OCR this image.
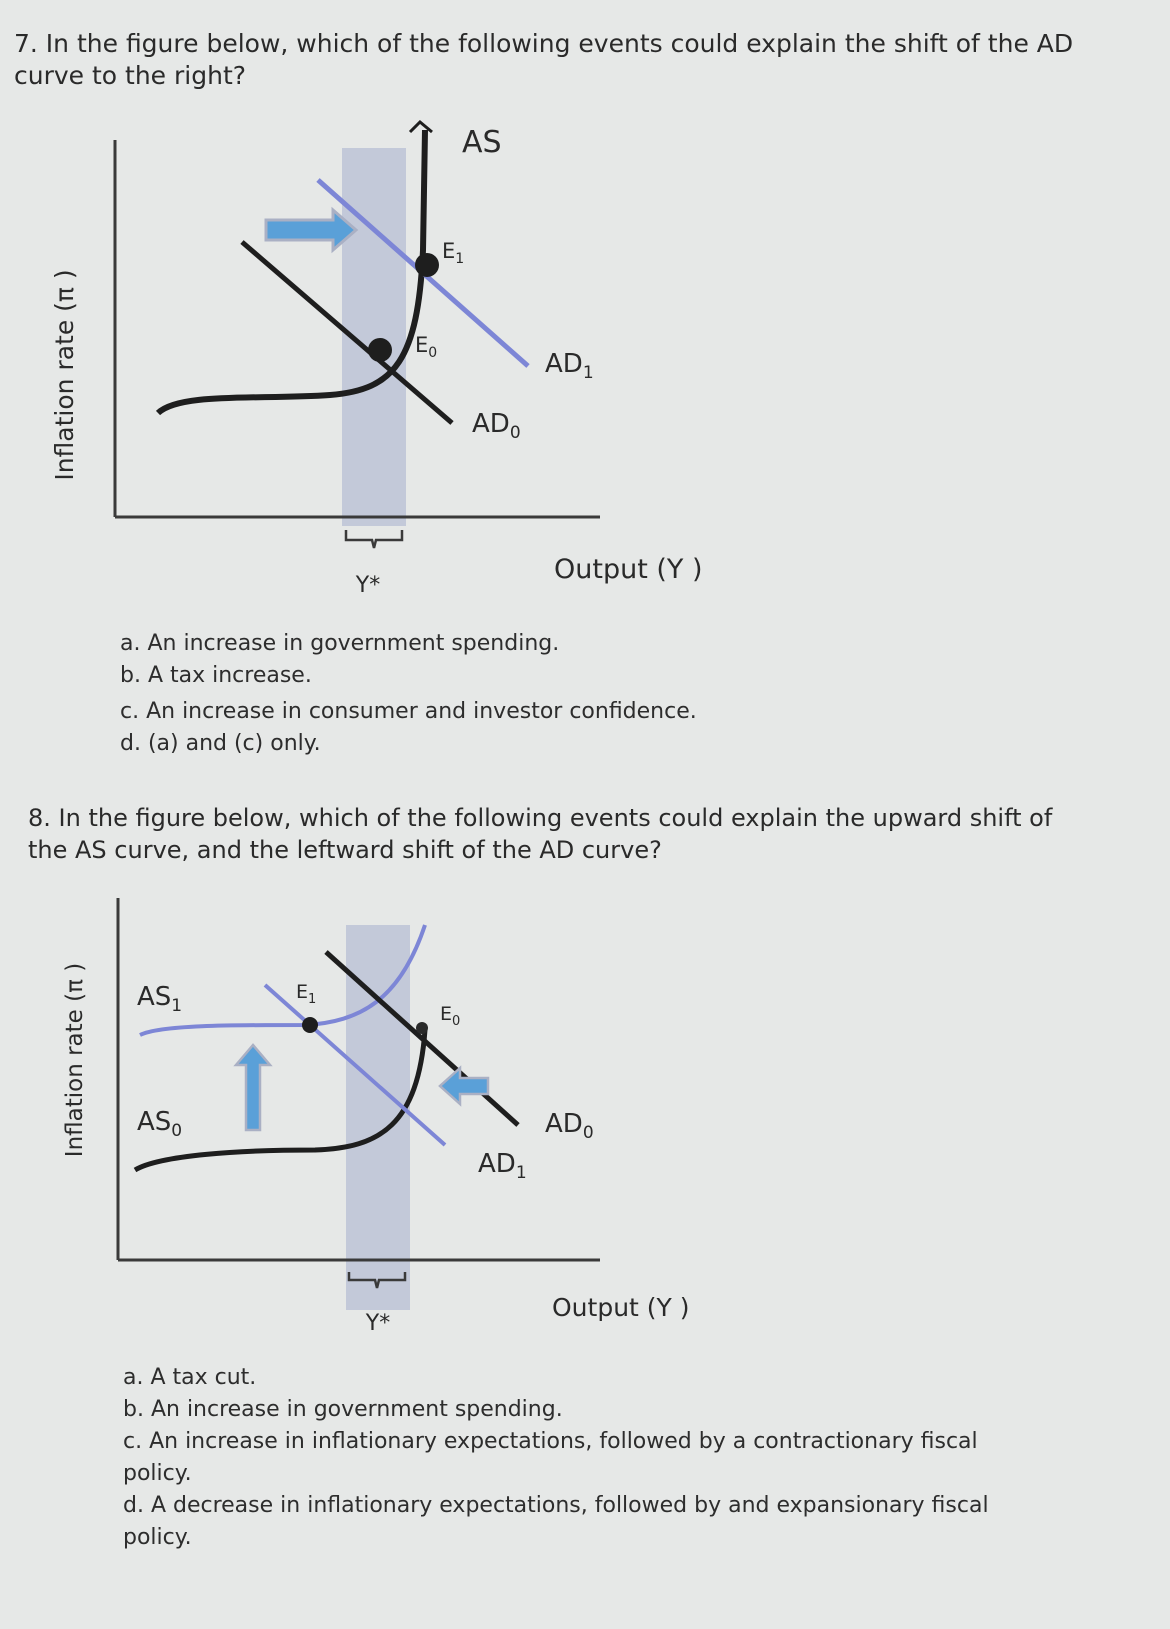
7. In the figure below, which of the following events could explain the shift of the AD curve to the right?

Inflation rate (π )
AS
$AD_0$
$AD_1$
$E_0$
$E_1$
Y*
Output (Y )
a. An increase in government spending.
b. A tax increase.
c. An increase in consumer and investor confidence.
d. (a) and (c) only.

8. In the figure below, which of the following events could explain the upward shift of the AS curve, and the leftward shift of the AD curve?

Inflation rate (π ) $AS_1$
$AS_0$	$AD_0$
$AD_1$
$E_0$
$E_1$
Y*
Output (Y )
a. A tax cut.
b. An increase in government spending.
c. An increase in inflationary expectations, followed by a contractionary fiscal policy.
d. A decrease in inflationary expectations, followed by and expansionary fiscal policy.
